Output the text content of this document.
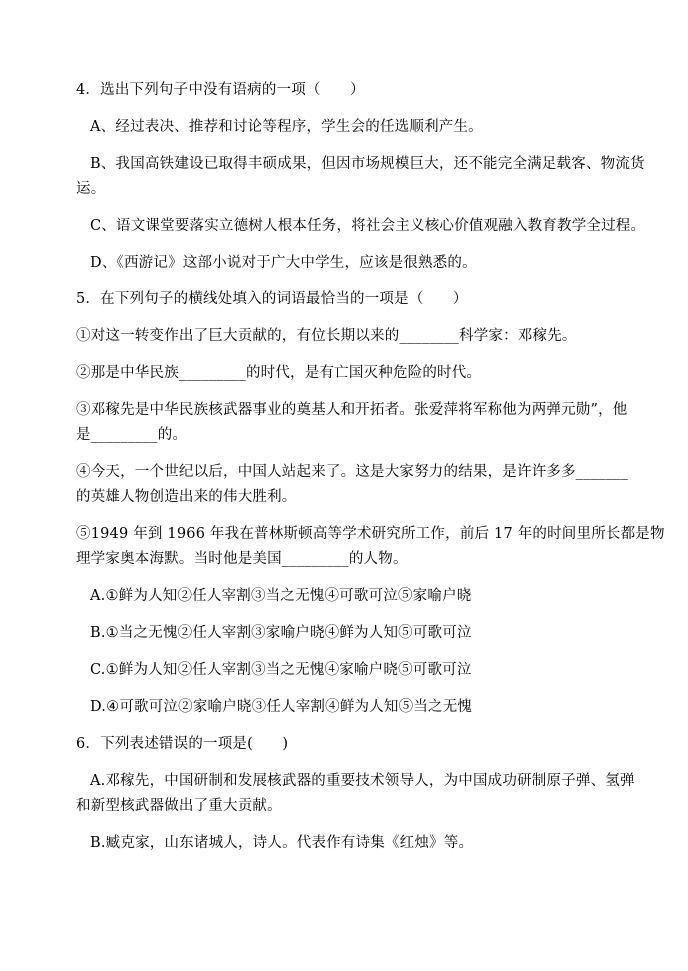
4．选出下列句子中没有语病的一项（　　）
A、经过表决、推荐和讨论等程序，学生会的任选顺利产生。
B、我国高铁建设已取得丰硕成果，但因市场规模巨大，还不能完全满足载客、物流货
运。
C、语文课堂要落实立德树人根本任务，将社会主义核心价值观融入教育教学全过程。
D、《西游记》这部小说对于广大中学生，应该是很熟悉的。
5．在下列句子的横线处填入的词语最恰当的一项是（　　）
①对这一转变作出了巨大贡献的，有位长期以来的________科学家：邓稼先。
②那是中华民族_________的时代，是有亡国灭种危险的时代。
③邓稼先是中华民族核武器事业的奠基人和开拓者。张爱萍将军称他为两弹元勋”，他
是_________的。
④今天，一个世纪以后，中国人站起来了。这是大家努力的结果，是许许多多_______
的英雄人物创造出来的伟大胜利。
⑤1949 年到 1966 年我在普林斯顿高等学术研究所工作，前后 17 年的时间里所长都是物
理学家奥本海默。当时他是美国_________的人物。
A.①鲜为人知②任人宰割③当之无愧④可歌可泣⑤家喻户晓
B.①当之无愧②任人宰割③家喻户晓④鲜为人知⑤可歌可泣
C.①鲜为人知②任人宰割③当之无愧④家喻户晓⑤可歌可泣
D.④可歌可泣②家喻户晓③任人宰割④鲜为人知⑤当之无愧
6．下列表述错误的一项是(　　)
A.邓稼先，中国研制和发展核武器的重要技术领导人，为中国成功研制原子弹、氢弹
和新型核武器做出了重大贡献。
B.臧克家，山东诸城人，诗人。代表作有诗集《红烛》等。
